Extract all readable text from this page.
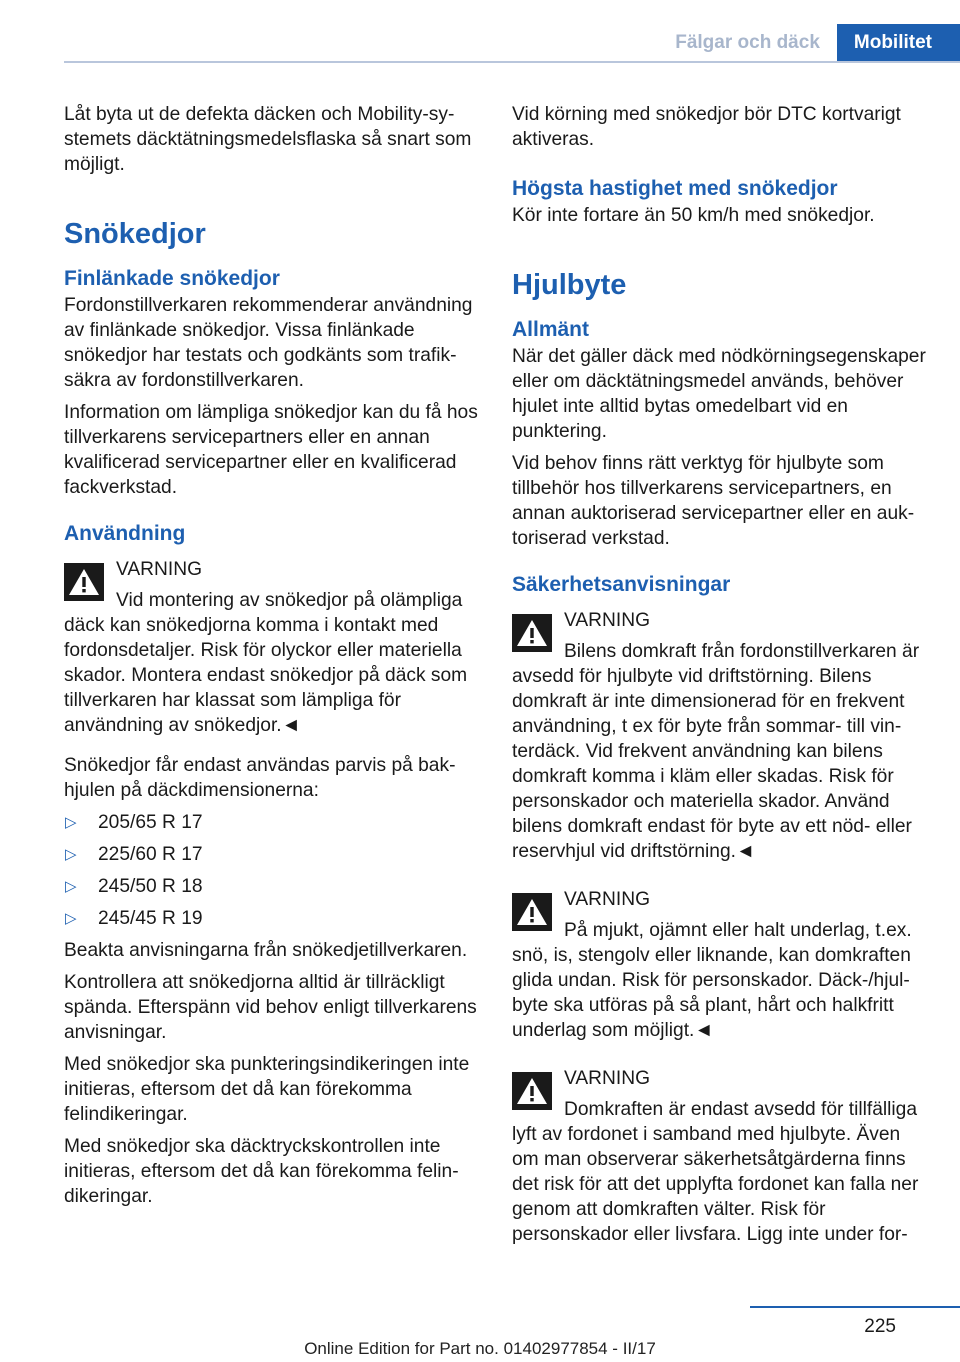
Fälgar och däck	Mobilitet

Låt byta ut de defekta däcken och Mobility-systemets däcktätningsmedelsflaska så snart som möjligt.

Snökedjor
Finlänkade snökedjor

Fordonstillverkaren rekommenderar användning av finlänkade snökedjor. Vissa finlänkade snökedjor har testats och godkänts som trafiksäkra av fordonstillverkaren.

Information om lämpliga snökedjor kan du få hos tillverkarens servicepartners eller en annan kvalificerad servicepartner eller en kvalificerad fackverkstad.

Användning

VARNING
Vid montering av snökedjor på olämpliga däck kan snökedjorna komma i kontakt med fordonsdetaljer. Risk för olyckor eller materiella skador. Montera endast snökedjor på däck som tillverkaren har klassat som lämpliga för användning av snökedjor.◄

Snökedjor får endast användas parvis på bakhjulen på däckdimensionerna:

▷ 205/65 R 17
▷ 225/60 R 17
▷ 245/50 R 18
▷ 245/45 R 19

Beakta anvisningarna från snökedjetillverkaren.

Kontrollera att snökedjorna alltid är tillräckligt spända. Efterspänn vid behov enligt tillverkarens anvisningar.

Med snökedjor ska punkteringsindikeringen inte initieras, eftersom det då kan förekomma felindikeringar.

Med snökedjor ska däcktryckskontrollen inte initieras, eftersom det då kan förekomma felindikeringar.

Vid körning med snökedjor bör DTC kortvarigt aktiveras.

Högsta hastighet med snökedjor

Kör inte fortare än 50 km/h med snökedjor.

Hjulbyte
Allmänt

När det gäller däck med nödkörningsegenskaper eller om däcktätningsmedel används, behöver hjulet inte alltid bytas omedelbart vid en punktering.

Vid behov finns rätt verktyg för hjulbyte som tillbehör hos tillverkarens servicepartners, en annan auktoriserad servicepartner eller en auktoriserad verkstad.

Säkerhetsanvisningar

VARNING
Bilens domkraft från fordonstillverkaren är avsedd för hjulbyte vid driftstörning. Bilens domkraft är inte dimensionerad för en frekvent användning, t ex för byte från sommar- till vinterdäck. Vid frekvent användning kan bilens domkraft komma i kläm eller skadas. Risk för personskador och materiella skador. Använd bilens domkraft endast för byte av ett nöd- eller reservhjul vid driftstörning.◄

VARNING
På mjukt, ojämnt eller halt underlag, t.ex. snö, is, stengolv eller liknande, kan domkraften glida undan. Risk för personskador. Däck-/hjulbyte ska utföras på så plant, hårt och halkfritt underlag som möjligt.◄

VARNING
Domkraften är endast avsedd för tillfälliga lyft av fordonet i samband med hjulbyte. Även om man observerar säkerhetsåtgärderna finns det risk för att det upplyfta fordonet kan falla ner genom att domkraften välter. Risk för personskador eller livsfara. Ligg inte under for-

225
Online Edition for Part no. 01402977854 - II/17
